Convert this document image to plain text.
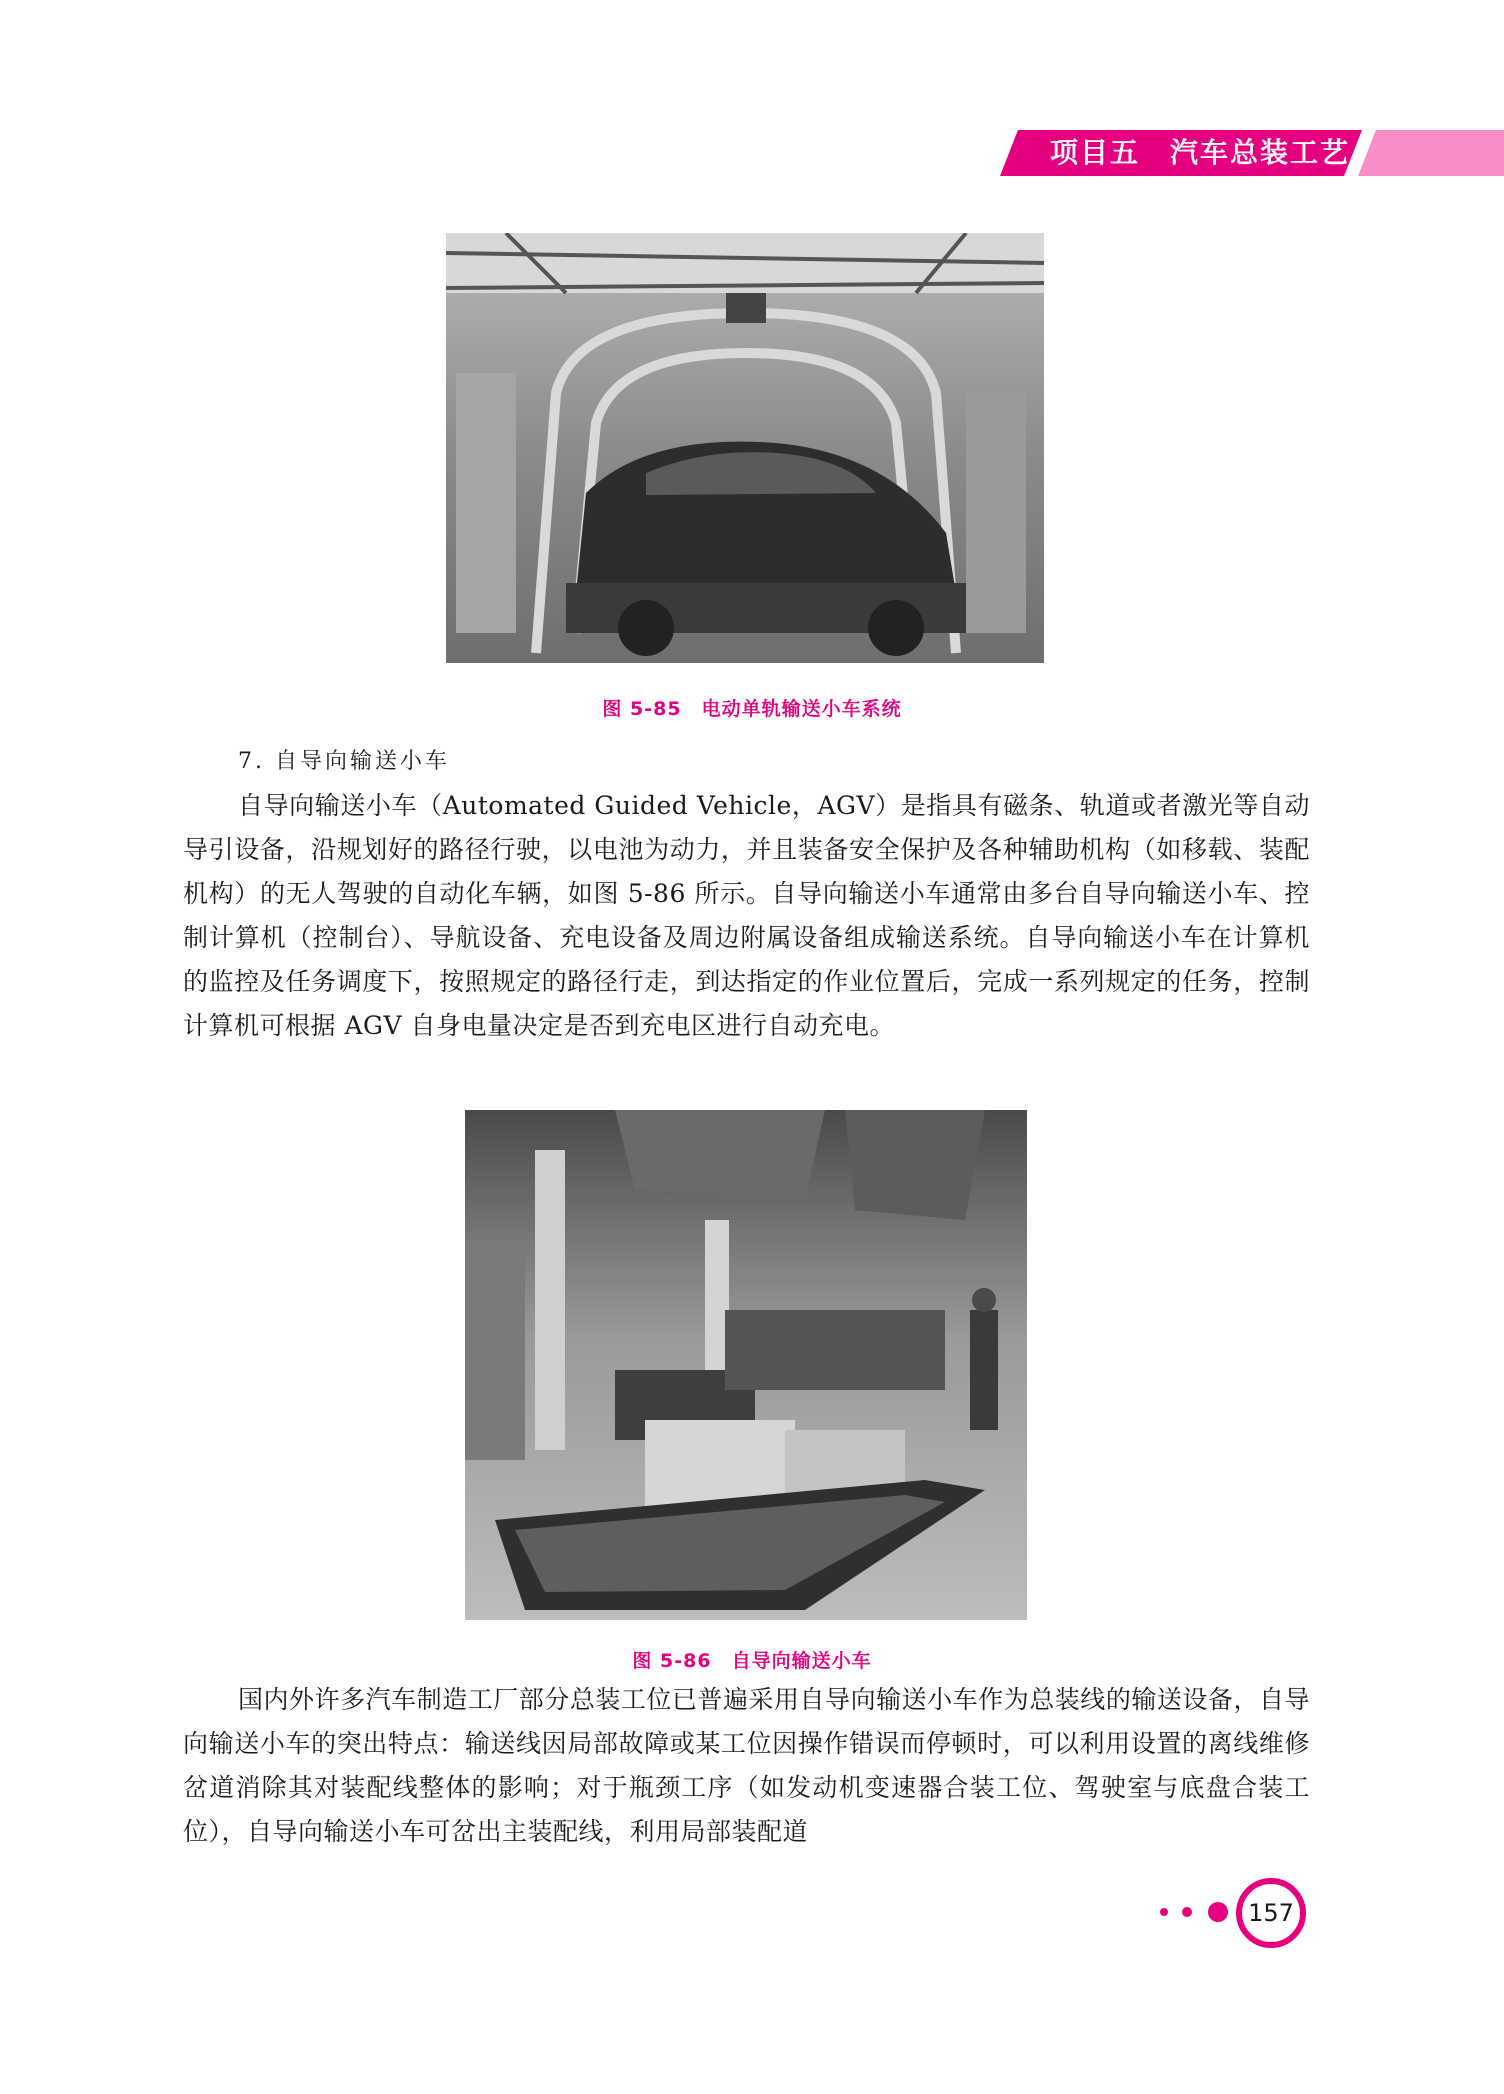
项目五　汽车总装工艺
图 5-85　电动单轨输送小车系统
7. 自导向输送小车

自导向输送小车（Automated Guided Vehicle，AGV）是指具有磁条、轨道或者激光等自动导引设备，沿规划好的路径行驶，以电池为动力，并且装备安全保护及各种辅助机构（如移载、装配机构）的无人驾驶的自动化车辆，如图 5-86 所示。自导向输送小车通常由多台自导向输送小车、控制计算机（控制台）、导航设备、充电设备及周边附属设备组成输送系统。自导向输送小车在计算机的监控及任务调度下，按照规定的路径行走，到达指定的作业位置后，完成一系列规定的任务，控制计算机可根据 AGV 自身电量决定是否到充电区进行自动充电。

图 5-86　自导向输送小车

国内外许多汽车制造工厂部分总装工位已普遍采用自导向输送小车作为总装线的输送设备，自导向输送小车的突出特点：输送线因局部故障或某工位因操作错误而停顿时，可以利用设置的离线维修岔道消除其对装配线整体的影响；对于瓶颈工序（如发动机变速器合装工位、驾驶室与底盘合装工位），自导向输送小车可岔出主装配线，利用局部装配道

157
